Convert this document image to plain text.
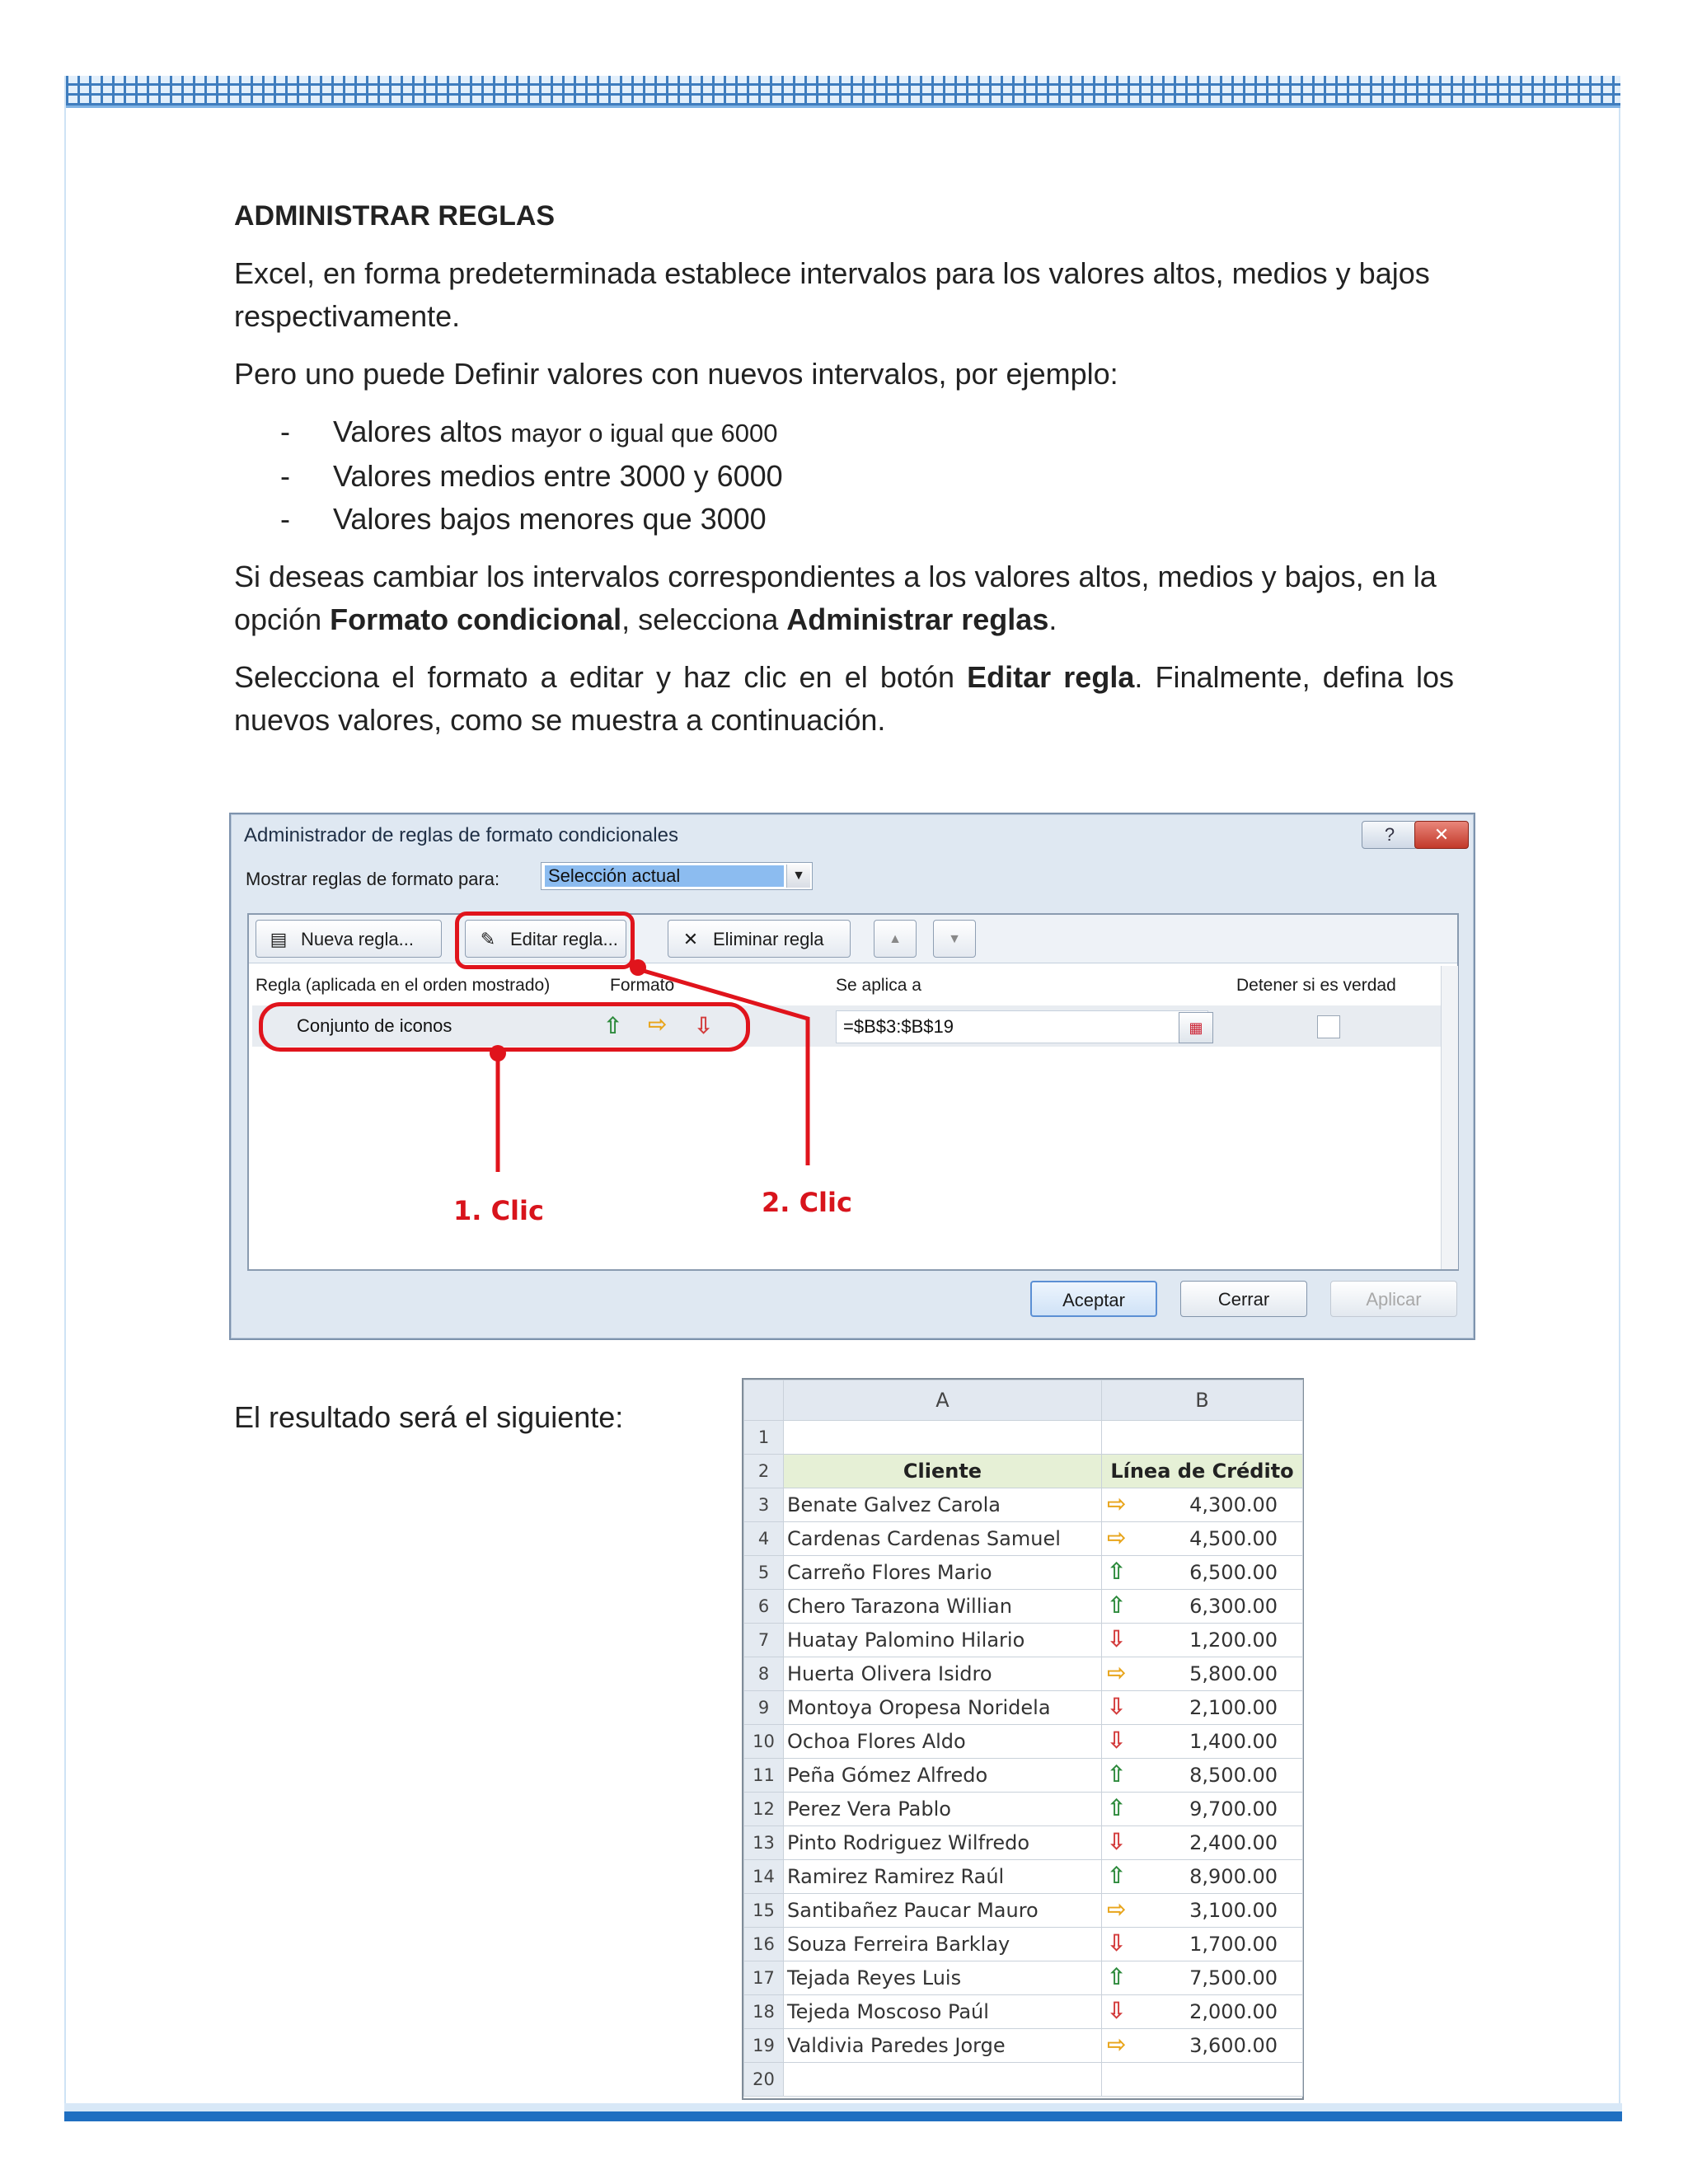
ADMINISTRAR REGLAS

Excel, en forma predeterminada establece intervalos para los valores altos, medios y bajos respectivamente.

Pero uno puede Definir valores con nuevos intervalos, por ejemplo:

- Valores altos mayor o igual que 6000
- Valores medios entre 3000 y 6000
- Valores bajos menores que 3000

Si deseas cambiar los intervalos correspondientes a los valores altos, medios y bajos, en la opción Formato condicional, selecciona Administrar reglas.

Selecciona el formato a editar y haz clic en el botón Editar regla. Finalmente, defina los nuevos valores, como se muestra a continuación.

Administrador de reglas de formato condicionales	?	✕
Mostrar reglas de formato para:	Selección actual	▼
▤ Nueva regla...	✎ Editar regla...	✕ Eliminar regla	▲	▼
Regla (aplicada en el orden mostrado)	Formato	Se aplica a	Detener si es verdad
Conjunto de iconos	⇧ ⇨ ⇩	=$B$3:$B$19	▦
1. Clic	2. Clic
Aceptar	Cerrar	Aplicar
El resultado será el siguiente:
		A	B
1		
2	Cliente	Línea de Crédito
3	Benate Galvez Carola	⇨ 4,300.00
4	Cardenas Cardenas Samuel	⇨ 4,500.00
5	Carreño Flores Mario	⇧ 6,500.00
6	Chero Tarazona Willian	⇧ 6,300.00
7	Huatay Palomino Hilario	⇩ 1,200.00
8	Huerta Olivera Isidro	⇨ 5,800.00
9	Montoya Oropesa Noridela	⇩ 2,100.00
10	Ochoa Flores Aldo	⇩ 1,400.00
11	Peña Gómez Alfredo	⇧ 8,500.00
12	Perez Vera Pablo	⇧ 9,700.00
13	Pinto Rodriguez Wilfredo	⇩ 2,400.00
14	Ramirez Ramirez Raúl	⇧ 8,900.00
15	Santibañez Paucar Mauro	⇨ 3,100.00
16	Souza Ferreira Barklay	⇩ 1,700.00
17	Tejada Reyes Luis	⇧ 7,500.00
18	Tejeda Moscoso Paúl	⇩ 2,000.00
19	Valdivia Paredes Jorge	⇨ 3,600.00
20		
